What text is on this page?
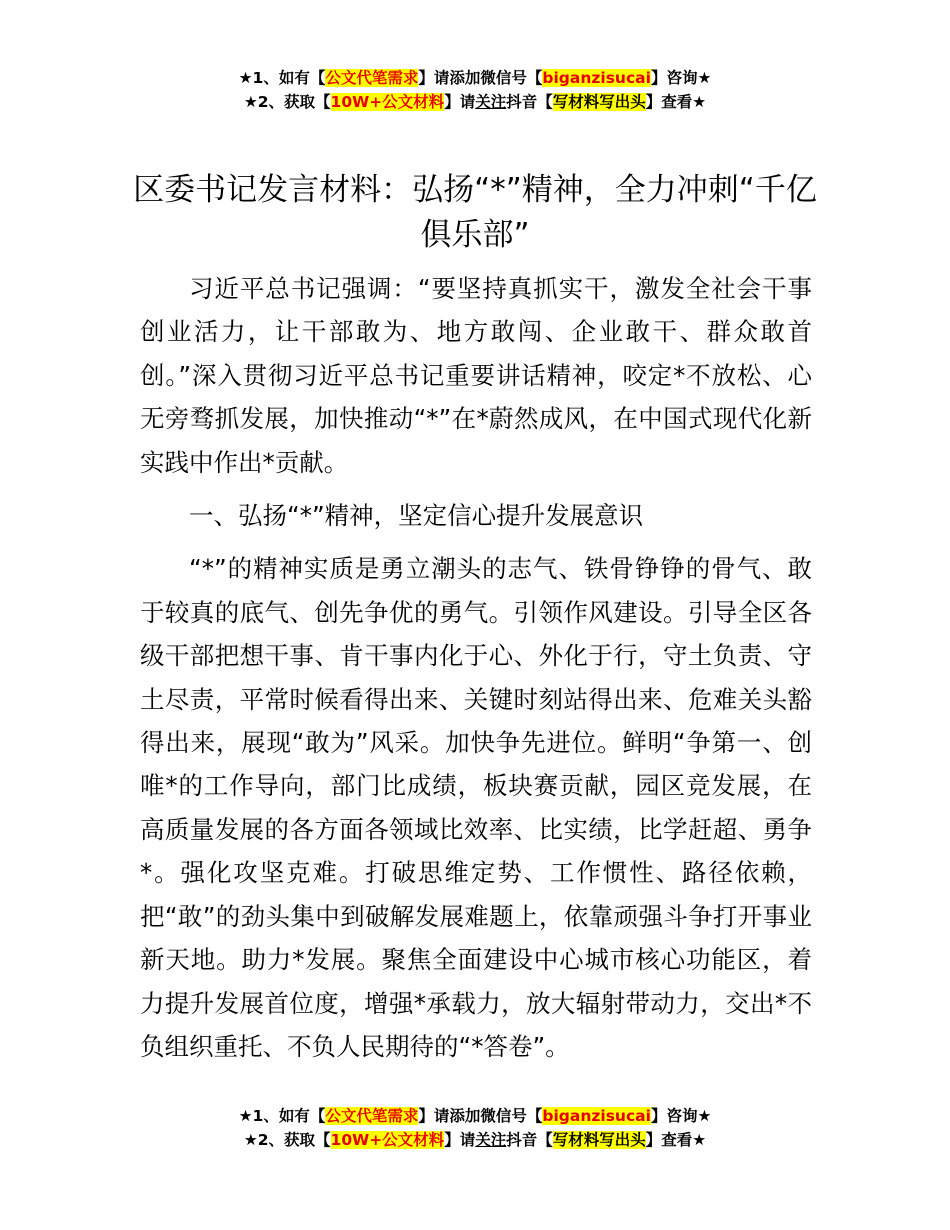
★1、如有【公文代笔需求】请添加微信号【biganzisucai】咨询★
★2、获取【10W+公文材料】请关注抖音【写材料写出头】查看★
区委书记发言材料：弘扬“*”精神，全力冲刺“千亿俱乐部”

习近平总书记强调：“要坚持真抓实干，激发全社会干事创业活力，让干部敢为、地方敢闯、企业敢干、群众敢首创。”深入贯彻习近平总书记重要讲话精神，咬定*不放松、心无旁骛抓发展，加快推动“*”在*蔚然成风，在中国式现代化新实践中作出*贡献。

一、弘扬“*”精神，坚定信心提升发展意识

“*”的精神实质是勇立潮头的志气、铁骨铮铮的骨气、敢于较真的底气、创先争优的勇气。引领作风建设。引导全区各级干部把想干事、肯干事内化于心、外化于行，守土负责、守土尽责，平常时候看得出来、关键时刻站得出来、危难关头豁得出来，展现“敢为”风采。加快争先进位。鲜明“争第一、创唯*的工作导向，部门比成绩，板块赛贡献，园区竞发展，在高质量发展的各方面各领域比效率、比实绩，比学赶超、勇争*。强化攻坚克难。打破思维定势、工作惯性、路径依赖，把“敢”的劲头集中到破解发展难题上，依靠顽强斗争打开事业新天地。助力*发展。聚焦全面建设中心城市核心功能区，着力提升发展首位度，增强*承载力，放大辐射带动力，交出*不负组织重托、不负人民期待的“*答卷”。

★1、如有【公文代笔需求】请添加微信号【biganzisucai】咨询★
★2、获取【10W+公文材料】请关注抖音【写材料写出头】查看★
